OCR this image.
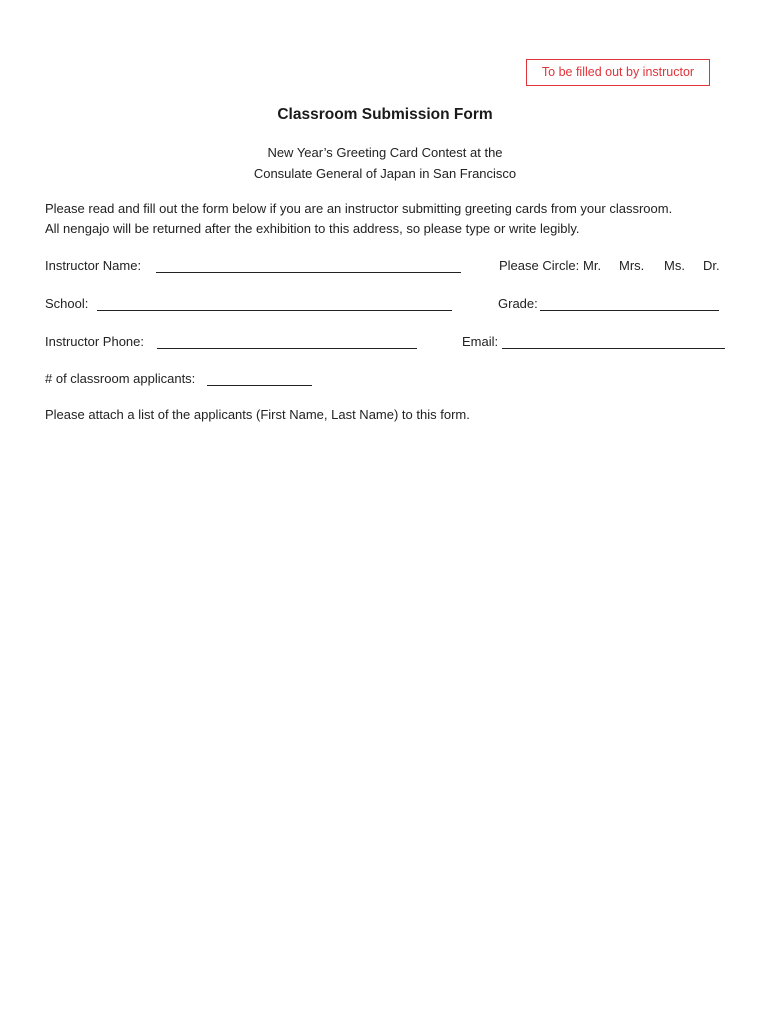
To be filled out by instructor
Classroom Submission Form
New Year’s Greeting Card Contest at the
Consulate General of Japan in San Francisco
Please read and fill out the form below if you are an instructor submitting greeting cards from your classroom.
All nengajo will be returned after the exhibition to this address, so please type or write legibly.
Instructor Name:	Please Circle: Mr. Mrs. Ms. Dr.
School:	Grade:
Instructor Phone:	Email:
# of classroom applicants:
Please attach a list of the applicants (First Name, Last Name) to this form.
